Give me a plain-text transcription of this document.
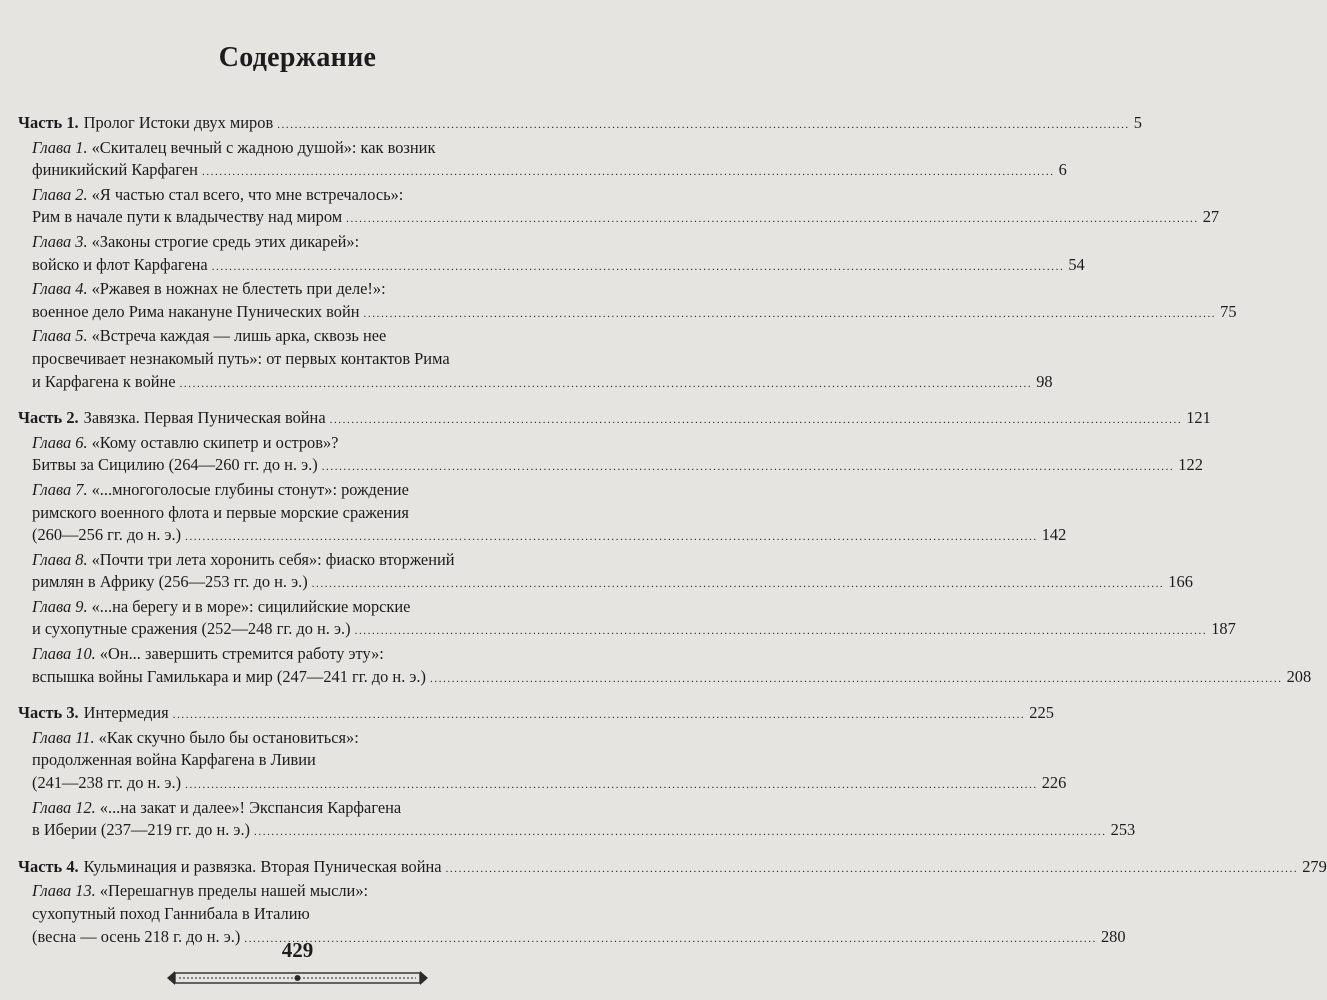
Содержание
Часть 1. Пролог Истоки двух миров .....	5
Глава 1. «Скиталец вечный с жадною душой»: как возник
финикийский Карфаген .....	6
Глава 2. «Я частью стал всего, что мне встречалось»:
Рим в начале пути к владычеству над миром .....	27
Глава 3. «Законы строгие средь этих дикарей»:
войско и флот Карфагена .....	54
Глава 4. «Ржавея в ножнах не блестеть при деле!»:
военное дело Рима накануне Пунических войн .....	75
Глава 5. «Встреча каждая — лишь арка, сквозь нее
просвечивает незнакомый путь»: от первых контактов Рима
и Карфагена к войне .....	98
Часть 2. Завязка. Первая Пуническая война .....	121
Глава 6. «Кому оставлю скипетр и остров»?
Битвы за Сицилию (264—260 гг. до н. э.) .....	122
Глава 7. «...многоголосые глубины стонут»: рождение
римского военного флота и первые морские сражения
(260—256 гг. до н. э.) .....	142
Глава 8. «Почти три лета хоронить себя»: фиаско вторжений
римлян в Африку (256—253 гг. до н. э.) .....	166
Глава 9. «...на берегу и в море»: сицилийские морские
и сухопутные сражения (252—248 гг. до н. э.) .....	187
Глава 10. «Он... завершить стремится работу эту»:
вспышка войны Гамилькара и мир (247—241 гг. до н. э.) .....	208
Часть 3. Интермедия .....	225
Глава 11. «Как скучно было бы остановиться»:
продолженная война Карфагена в Ливии
(241—238 гг. до н. э.) .....	226
Глава 12. «...на закат и далее»! Экспансия Карфагена
в Иберии (237—219 гг. до н. э.) .....	253
Часть 4. Кульминация и развязка. Вторая Пуническая война .....	279
Глава 13. «Перешагнув пределы нашей мысли»:
сухопутный поход Ганнибала в Италию
(весна — осень 218 г. до н. э.) .....	280
429
